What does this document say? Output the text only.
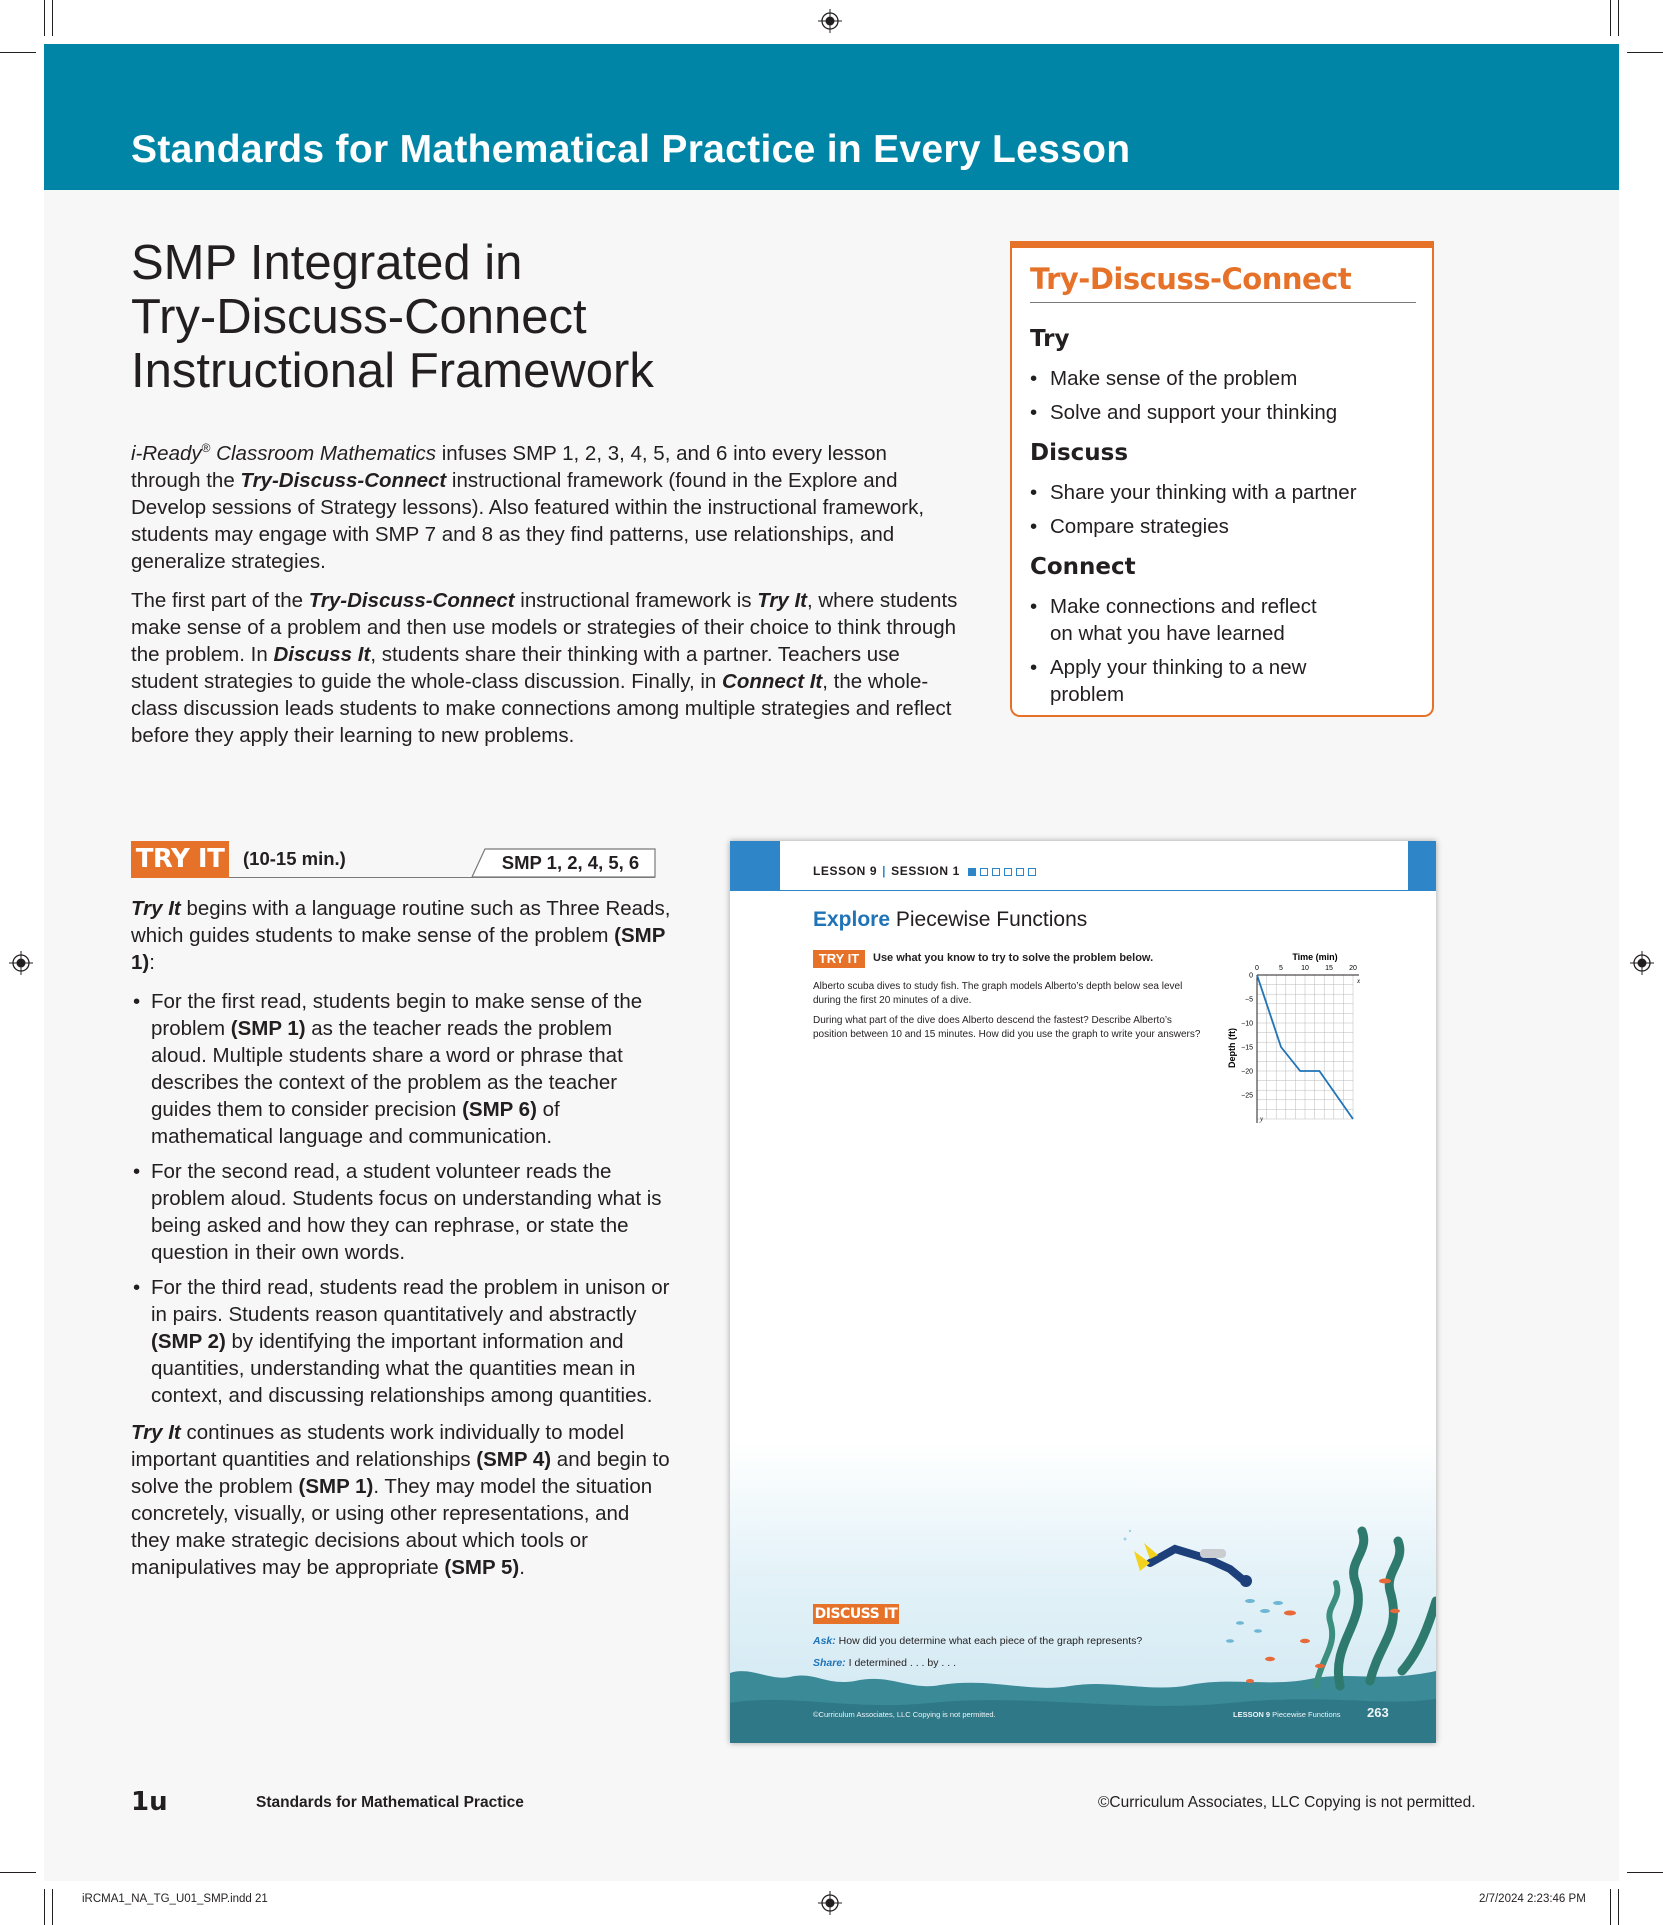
Standards for Mathematical Practice in Every Lesson
SMP Integrated in
Try-Discuss-Connect
Instructional Framework

i-Ready® Classroom Mathematics infuses SMP 1, 2, 3, 4, 5, and 6 into every lesson through the Try-Discuss-Connect instructional framework (found in the Explore and Develop sessions of Strategy lessons). Also featured within the instructional framework, students may engage with SMP 7 and 8 as they find patterns, use relationships, and generalize strategies.

The first part of the Try-Discuss-Connect instructional framework is Try It, where students make sense of a problem and then use models or strategies of their choice to think through the problem. In Discuss It, students share their thinking with a partner. Teachers use student strategies to guide the whole-class discussion. Finally, in Connect It, the whole-class discussion leads students to make connections among multiple strategies and reflect before they apply their learning to new problems.

Try-Discuss-Connect
Try
• Make sense of the problem
• Solve and support your thinking
Discuss
• Share your thinking with a partner
• Compare strategies
Connect
• Make connections and reflect on what you have learned
• Apply your thinking to a new problem
TRY IT (10-15 min.)	SMP 1, 2, 4, 5, 6

Try It begins with a language routine such as Three Reads, which guides students to make sense of the problem (SMP 1):

• For the first read, students begin to make sense of the problem (SMP 1) as the teacher reads the problem aloud. Multiple students share a word or phrase that describes the context of the problem as the teacher guides them to consider precision (SMP 6) of mathematical language and communication.
• For the second read, a student volunteer reads the problem aloud. Students focus on understanding what is being asked and how they can rephrase, or state the question in their own words.
• For the third read, students read the problem in unison or in pairs. Students reason quantitatively and abstractly (SMP 2) by identifying the important information and quantities, understanding what the quantities mean in context, and discussing relationships among quantities.

Try It continues as students work individually to model important quantities and relationships (SMP 4) and begin to solve the problem (SMP 1). They may model the situation concretely, visually, or using other representations, and they make strategic decisions about which tools or manipulatives may be appropriate (SMP 5).

LESSON 9 | SESSION 1
Explore Piecewise Functions
TRY IT	Use what you know to try to solve the problem below.

Alberto scuba dives to study fish. The graph models Alberto’s depth below sea level during the first 20 minutes of a dive.

During what part of the dive does Alberto descend the fastest? Describe Alberto’s position between 10 and 15 minutes. How did you use the graph to write your answers?

Time (min)
0	5	10 15 20
0
−5
−10
−15
−20
−25
x
y
Depth (ft)
DISCUSS IT
Ask: How did you determine what each piece of the graph represents?
Share: I determined . . . by . . .
©Curriculum Associates, LLC Copying is not permitted.	LESSON 9 Piecewise Functions 263
1u	Standards for Mathematical Practice	©Curriculum Associates, LLC Copying is not permitted.
iRCMA1_NA_TG_U01_SMP.indd 21	2/7/2024 2:23:46 PM
